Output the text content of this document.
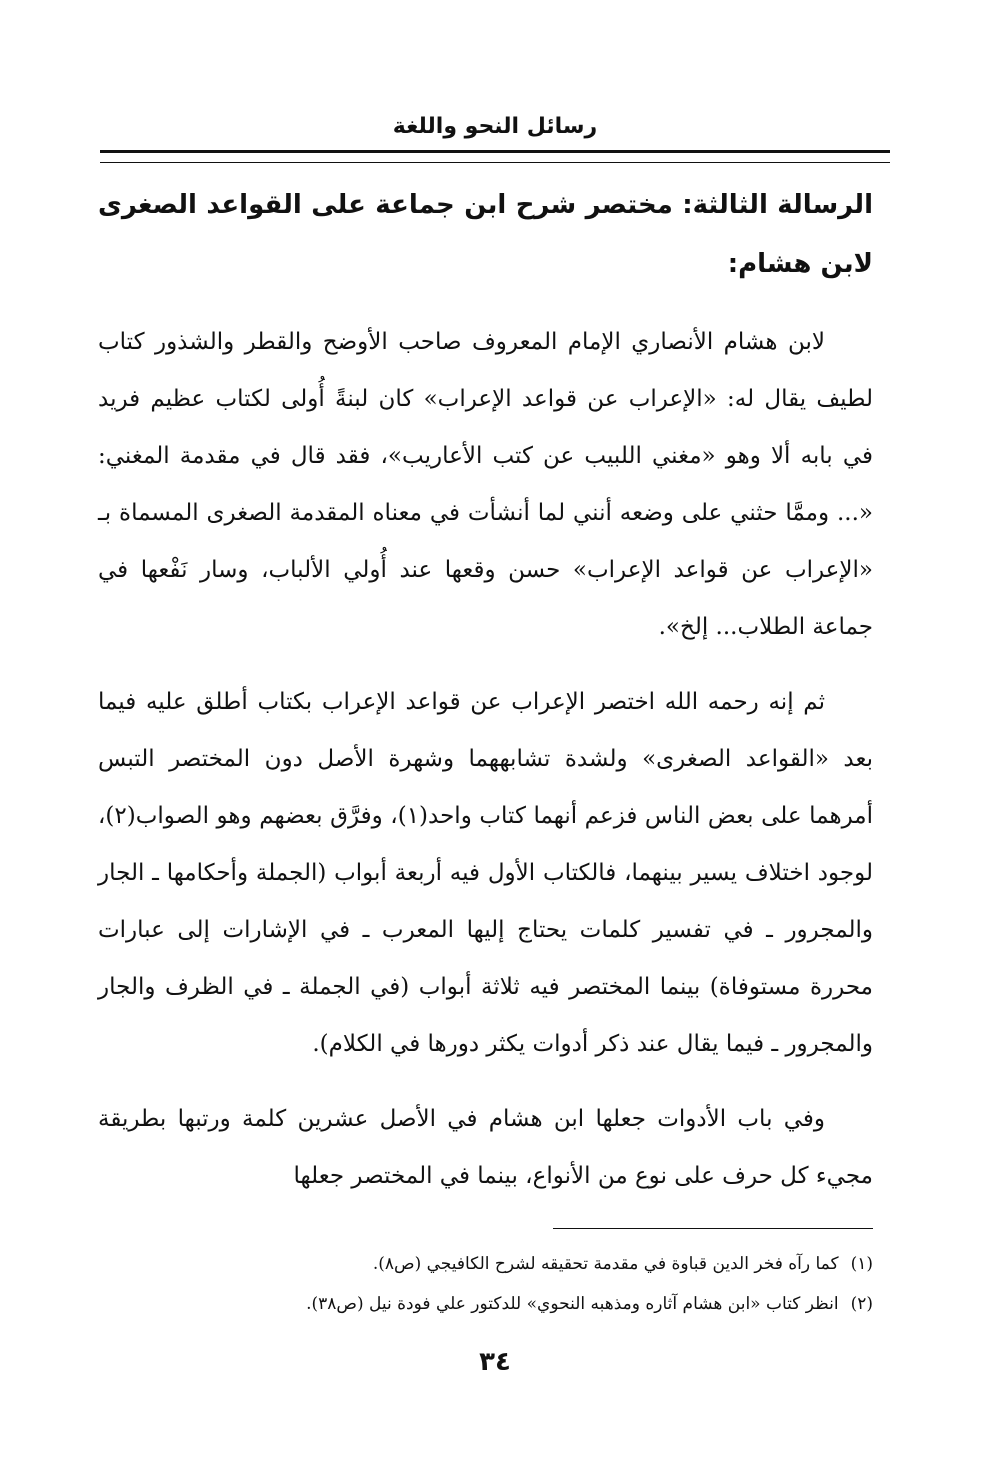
رسائل النحو واللغة
الرسالة الثالثة: مختصر شرح ابن جماعة على القواعد الصغرى لابن هشام:

لابن هشام الأنصاري الإمام المعروف صاحب الأوضح والقطر والشذور كتاب لطيف يقال له: «الإعراب عن قواعد الإعراب» كان لبنةً أُولى لكتاب عظيم فريد في بابه ألا وهو «مغني اللبيب عن كتب الأعاريب»، فقد قال في مقدمة المغني: «... وممَّا حثني على وضعه أنني لما أنشأت في معناه المقدمة الصغرى المسماة بـ «الإعراب عن قواعد الإعراب» حسن وقعها عند أُولي الألباب، وسار نَفْعها في جماعة الطلاب... إلخ».

ثم إنه رحمه الله اختصر الإعراب عن قواعد الإعراب بكتاب أطلق عليه فيما بعد «القواعد الصغرى» ولشدة تشابههما وشهرة الأصل دون المختصر التبس أمرهما على بعض الناس فزعم أنهما كتاب واحد(١)، وفرَّق بعضهم وهو الصواب(٢)، لوجود اختلاف يسير بينهما، فالكتاب الأول فيه أربعة أبواب (الجملة وأحكامها ـ الجار والمجرور ـ في تفسير كلمات يحتاج إليها المعرب ـ في الإشارات إلى عبارات محررة مستوفاة) بينما المختصر فيه ثلاثة أبواب (في الجملة ـ في الظرف والجار والمجرور ـ فيما يقال عند ذكر أدوات يكثر دورها في الكلام).

وفي باب الأدوات جعلها ابن هشام في الأصل عشرين كلمة ورتبها بطريقة مجيء كل حرف على نوع من الأنواع، بينما في المختصر جعلها

(١)كما رآه فخر الدين قباوة في مقدمة تحقيقه لشرح الكافيجي (ص٨).

(٢)انظر كتاب «ابن هشام آثاره ومذهبه النحوي» للدكتور علي فودة نيل (ص٣٨).

٣٤
